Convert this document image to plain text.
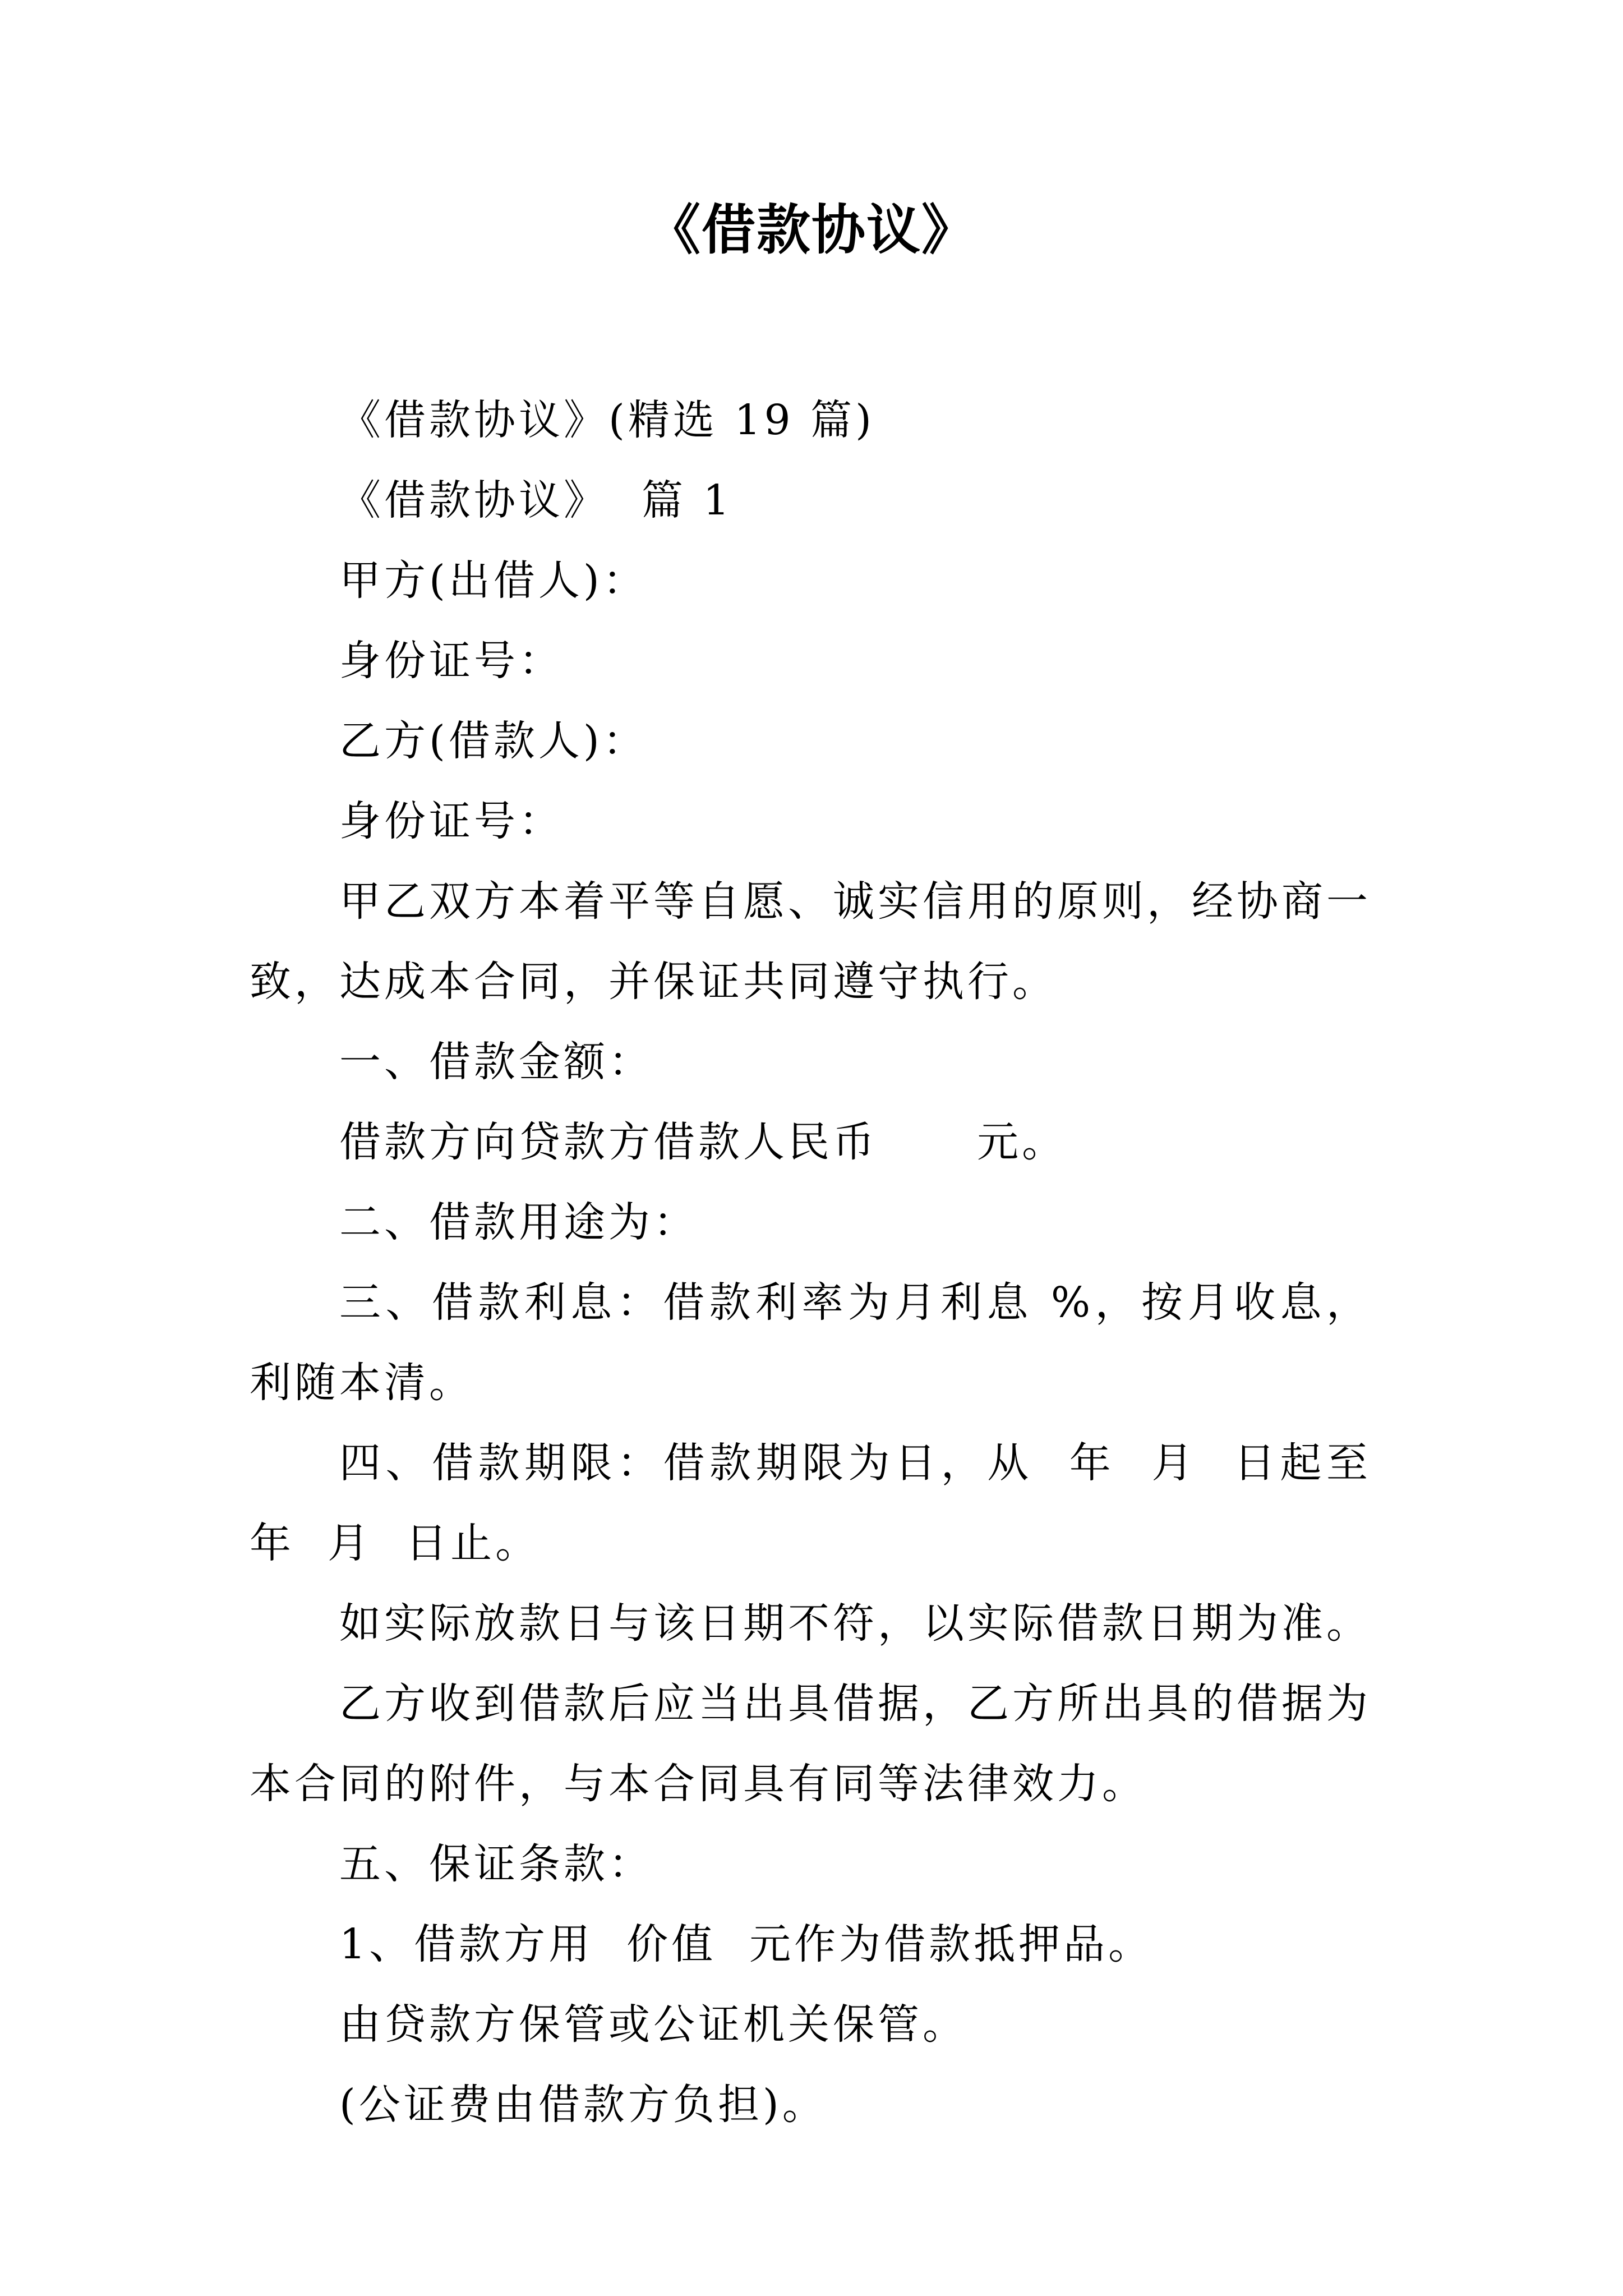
《借款协议》

《借款协议》(精选 19 篇)

《借款协议》  篇 1

甲方(出借人)：

身份证号：

乙方(借款人)：

身份证号：

甲乙双方本着平等自愿、诚实信用的原则，经协商一致，达成本合同，并保证共同遵守执行。

一、借款金额：

借款方向贷款方借款人民币      元。

二、借款用途为：

三、借款利息：借款利率为月利息 %，按月收息，利随本清。

四、借款期限：借款期限为日，从  年  月  日起至  年  月  日止。

如实际放款日与该日期不符，以实际借款日期为准。

乙方收到借款后应当出具借据，乙方所出具的借据为本合同的附件，与本合同具有同等法律效力。

五、保证条款：

1、借款方用  价值  元作为借款抵押品。

由贷款方保管或公证机关保管。

(公证费由借款方负担)。
